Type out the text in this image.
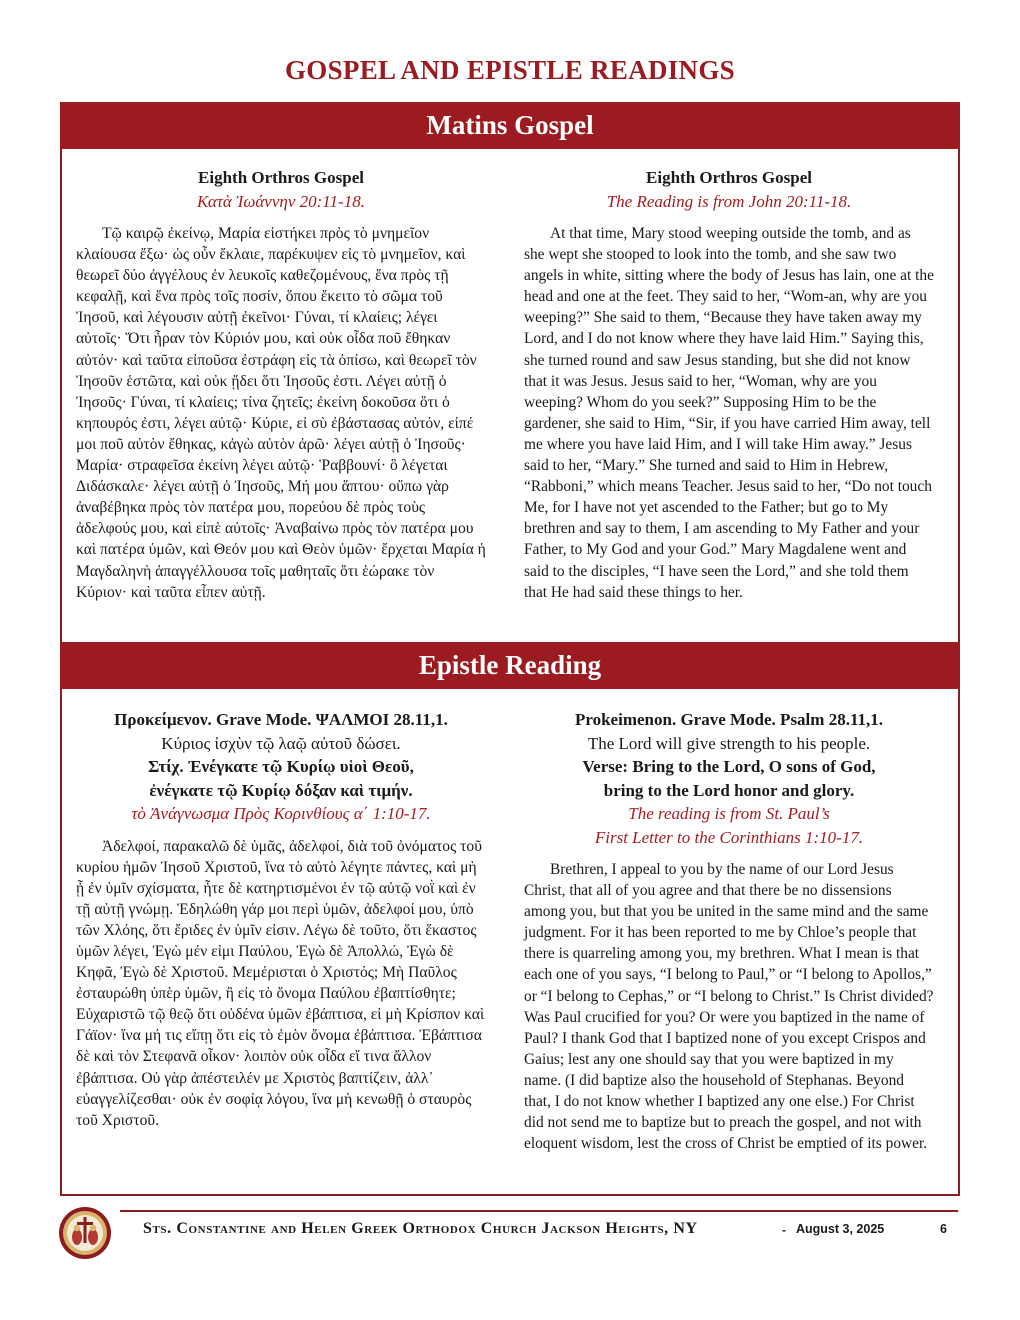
GOSPEL AND EPISTLE READINGS
Matins Gospel
Eighth Orthros Gospel
Κατὰ Ἰωάννην 20:11-18.
Τῷ καιρῷ ἐκείνῳ, Μαρία εἱστήκει πρὸς τὸ μνημεῖον κλαίουσα ἔξω· ὡς οὖν ἔκλαιε, παρέκυψεν εἰς τὸ μνημεῖον, καὶ θεωρεῖ δύο ἀγγέλους ἐν λευκοῖς καθεζομένους, ἕνα πρὸς τῇ κεφαλῇ, καὶ ἕνα πρὸς τοῖς ποσίν, ὅπου ἔκειτο τὸ σῶμα τοῦ Ἰησοῦ, καὶ λέγουσιν αὐτῇ ἐκεῖνοι· Γύναι, τί κλαίεις; λέγει αὐτοῖς· Ὅτι ἦραν τὸν Κύριόν μου, καὶ οὐκ οἶδα ποῦ ἔθηκαν αὐτόν· καὶ ταῦτα εἰποῦσα ἐστράφη εἰς τὰ ὀπίσω, καὶ θεωρεῖ τὸν Ἰησοῦν ἑστῶτα, καὶ οὐκ ᾔδει ὅτι Ἰησοῦς ἐστι. Λέγει αὐτῇ ὁ Ἰησοῦς· Γύναι, τί κλαίεις; τίνα ζητεῖς; ἐκείνη δοκοῦσα ὅτι ὁ κηπουρός ἐστι, λέγει αὐτῷ· Κύριε, εἰ σὺ ἐβάστασας αὐτόν, εἰπέ μοι ποῦ αὐτὸν ἔθηκας, κἀγὼ αὐτὸν ἀρῶ· λέγει αὐτῇ ὁ Ἰησοῦς· Μαρία· στραφεῖσα ἐκείνη λέγει αὐτῷ· Ῥαββουνί· ὃ λέγεται Διδάσκαλε· λέγει αὐτῇ ὁ Ἰησοῦς, Μή μου ἅπτου· οὔπω γὰρ ἀναβέβηκα πρὸς τὸν πατέρα μου, πορεύου δὲ πρὸς τοὺς ἀδελφούς μου, καὶ εἰπὲ αὐτοῖς· Ἀναβαίνω πρὸς τὸν πατέρα μου καὶ πατέρα ὑμῶν, καὶ Θεόν μου καὶ Θεὸν ὑμῶν· ἔρχεται Μαρία ἡ Μαγδαληνὴ ἀπαγγέλλουσα τοῖς μαθηταῖς ὅτι ἑώρακε τὸν Κύριον· καὶ ταῦτα εἶπεν αὐτῇ.
Eighth Orthros Gospel
The Reading is from John 20:11-18.
At that time, Mary stood weeping outside the tomb, and as she wept she stooped to look into the tomb, and she saw two angels in white, sitting where the body of Jesus has lain, one at the head and one at the feet. They said to her, “Wom-an, why are you weeping?” She said to them, “Because they have taken away my Lord, and I do not know where they have laid Him.” Saying this, she turned round and saw Jesus standing, but she did not know that it was Jesus. Jesus said to her, “Woman, why are you weeping? Whom do you seek?” Supposing Him to be the gardener, she said to Him, “Sir, if you have carried Him away, tell me where you have laid Him, and I will take Him away.” Jesus said to her, “Mary.” She turned and said to Him in Hebrew, “Rabboni,” which means Teacher. Jesus said to her, “Do not touch Me, for I have not yet ascended to the Father; but go to My brethren and say to them, I am ascending to My Father and your Father, to My God and your God.” Mary Magdalene went and said to the disciples, “I have seen the Lord,” and she told them that He had said these things to her.
Epistle Reading
Προκείμενον. Grave Mode. ΨΑΛΜΟΙ 28.11,1.
Κύριος ἰσχὺν τῷ λαῷ αὐτοῦ δώσει.
Στίχ. Ἐνέγκατε τῷ Κυρίῳ υἱοὶ Θεοῦ,
ἐνέγκατε τῷ Κυρίῳ δόξαν καὶ τιμήν.
τὸ Ἀνάγνωσμα Πρὸς Κορινθίους α΄ 1:10-17.
Ἀδελφοί, παρακαλῶ δὲ ὑμᾶς, ἀδελφοί, διὰ τοῦ ὀνόματος τοῦ κυρίου ἡμῶν Ἰησοῦ Χριστοῦ, ἵνα τὸ αὐτὸ λέγητε πάντες, καὶ μὴ ᾖ ἐν ὑμῖν σχίσματα, ἦτε δὲ κατηρτισμένοι ἐν τῷ αὐτῷ νοῒ καὶ ἐν τῇ αὐτῇ γνώμῃ. Ἐδηλώθη γάρ μοι περὶ ὑμῶν, ἀδελφοί μου, ὑπὸ τῶν Χλόης, ὅτι ἔριδες ἐν ὑμῖν εἰσιν. Λέγω δὲ τοῦτο, ὅτι ἕκαστος ὑμῶν λέγει, Ἐγὼ μέν εἰμι Παύλου, Ἐγὼ δὲ Ἀπολλώ, Ἐγὼ δὲ Κηφᾶ, Ἐγὼ δὲ Χριστοῦ. Μεμέρισται ὁ Χριστός; Μὴ Παῦλος ἐσταυρώθη ὑπὲρ ὑμῶν, ἢ εἰς τὸ ὄνομα Παύλου ἐβαπτίσθητε; Εὐχαριστῶ τῷ θεῷ ὅτι οὐδένα ὑμῶν ἐβάπτισα, εἰ μὴ Κρίσπον καὶ Γάϊον· ἵνα μή τις εἴπῃ ὅτι εἰς τὸ ἐμὸν ὄνομα ἐβάπτισα. Ἐβάπτισα δὲ καὶ τὸν Στεφανᾶ οἶκον· λοιπὸν οὐκ οἶδα εἴ τινα ἄλλον ἐβάπτισα. Οὐ γὰρ ἀπέστειλέν με Χριστὸς βαπτίζειν, ἀλλ᾽ εὐαγγελίζεσθαι· οὐκ ἐν σοφίᾳ λόγου, ἵνα μὴ κενωθῇ ὁ σταυρὸς τοῦ Χριστοῦ.
Prokeimenon. Grave Mode. Psalm 28.11,1.
The Lord will give strength to his people.
Verse: Bring to the Lord, O sons of God,
bring to the Lord honor and glory.
The reading is from St. Paul’s
First Letter to the Corinthians 1:10-17.
Brethren, I appeal to you by the name of our Lord Jesus Christ, that all of you agree and that there be no dissensions among you, but that you be united in the same mind and the same judgment. For it has been reported to me by Chloe’s people that there is quarreling among you, my brethren. What I mean is that each one of you says, “I belong to Paul,” or “I belong to Apollos,” or “I belong to Cephas,” or “I belong to Christ.” Is Christ divided? Was Paul crucified for you? Or were you baptized in the name of Paul? I thank God that I baptized none of you except Crispos and Gaius; lest any one should say that you were baptized in my name. (I did baptize also the household of Stephanas. Beyond that, I do not know whether I baptized any one else.) For Christ did not send me to baptize but to preach the gospel, and not with eloquent wisdom, lest the cross of Christ be emptied of its power.
Sts. Constantine and Helen Greek Orthodox Church Jackson Heights, NY	- August 3, 2025	6
